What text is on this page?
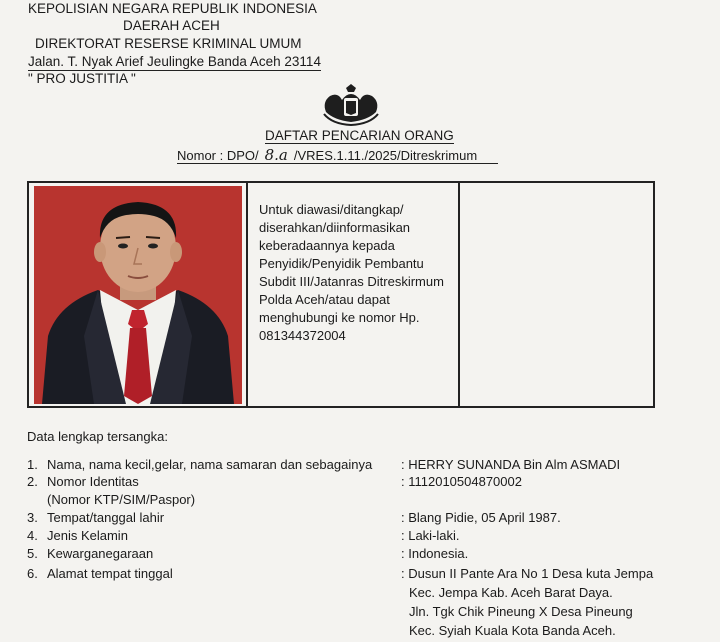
KEPOLISIAN NEGARA REPUBLIK INDONESIA
DAERAH ACEH
DIREKTORAT RESERSE KRIMINAL UMUM
Jalan. T. Nyak Arief Jeulingke Banda Aceh 23114
" PRO JUSTITIA "
DAFTAR PENCARIAN ORANG
Nomor : DPO/ 8.a /VRES.1.11./2025/Ditreskrimum
Untuk diawasi/ditangkap/
diserahkan/diinformasikan
keberadaannya kepada
Penyidik/Penyidik Pembantu
Subdit III/Jatanras Ditreskirmum
Polda Aceh/atau dapat
menghubungi ke nomor Hp.
081344372004
Data lengkap tersangka:
1. Nama, nama kecil,gelar, nama samaran dan sebagainya : HERRY SUNANDA Bin Alm ASMADI
2. Nomor Identitas	: 1112010504870002
(Nomor KTP/SIM/Paspor)
3. Tempat/tanggal lahir	: Blang Pidie, 05 April 1987.
4. Jenis Kelamin	: Laki-laki.
5. Kewarganegaraan	: Indonesia.
6. Alamat tempat tinggal	: Dusun II Pante Ara No 1 Desa kuta Jempa
Kec. Jempa Kab. Aceh Barat Daya.
Jln. Tgk Chik Pineung X Desa Pineung
Kec. Syiah Kuala Kota Banda Aceh.
